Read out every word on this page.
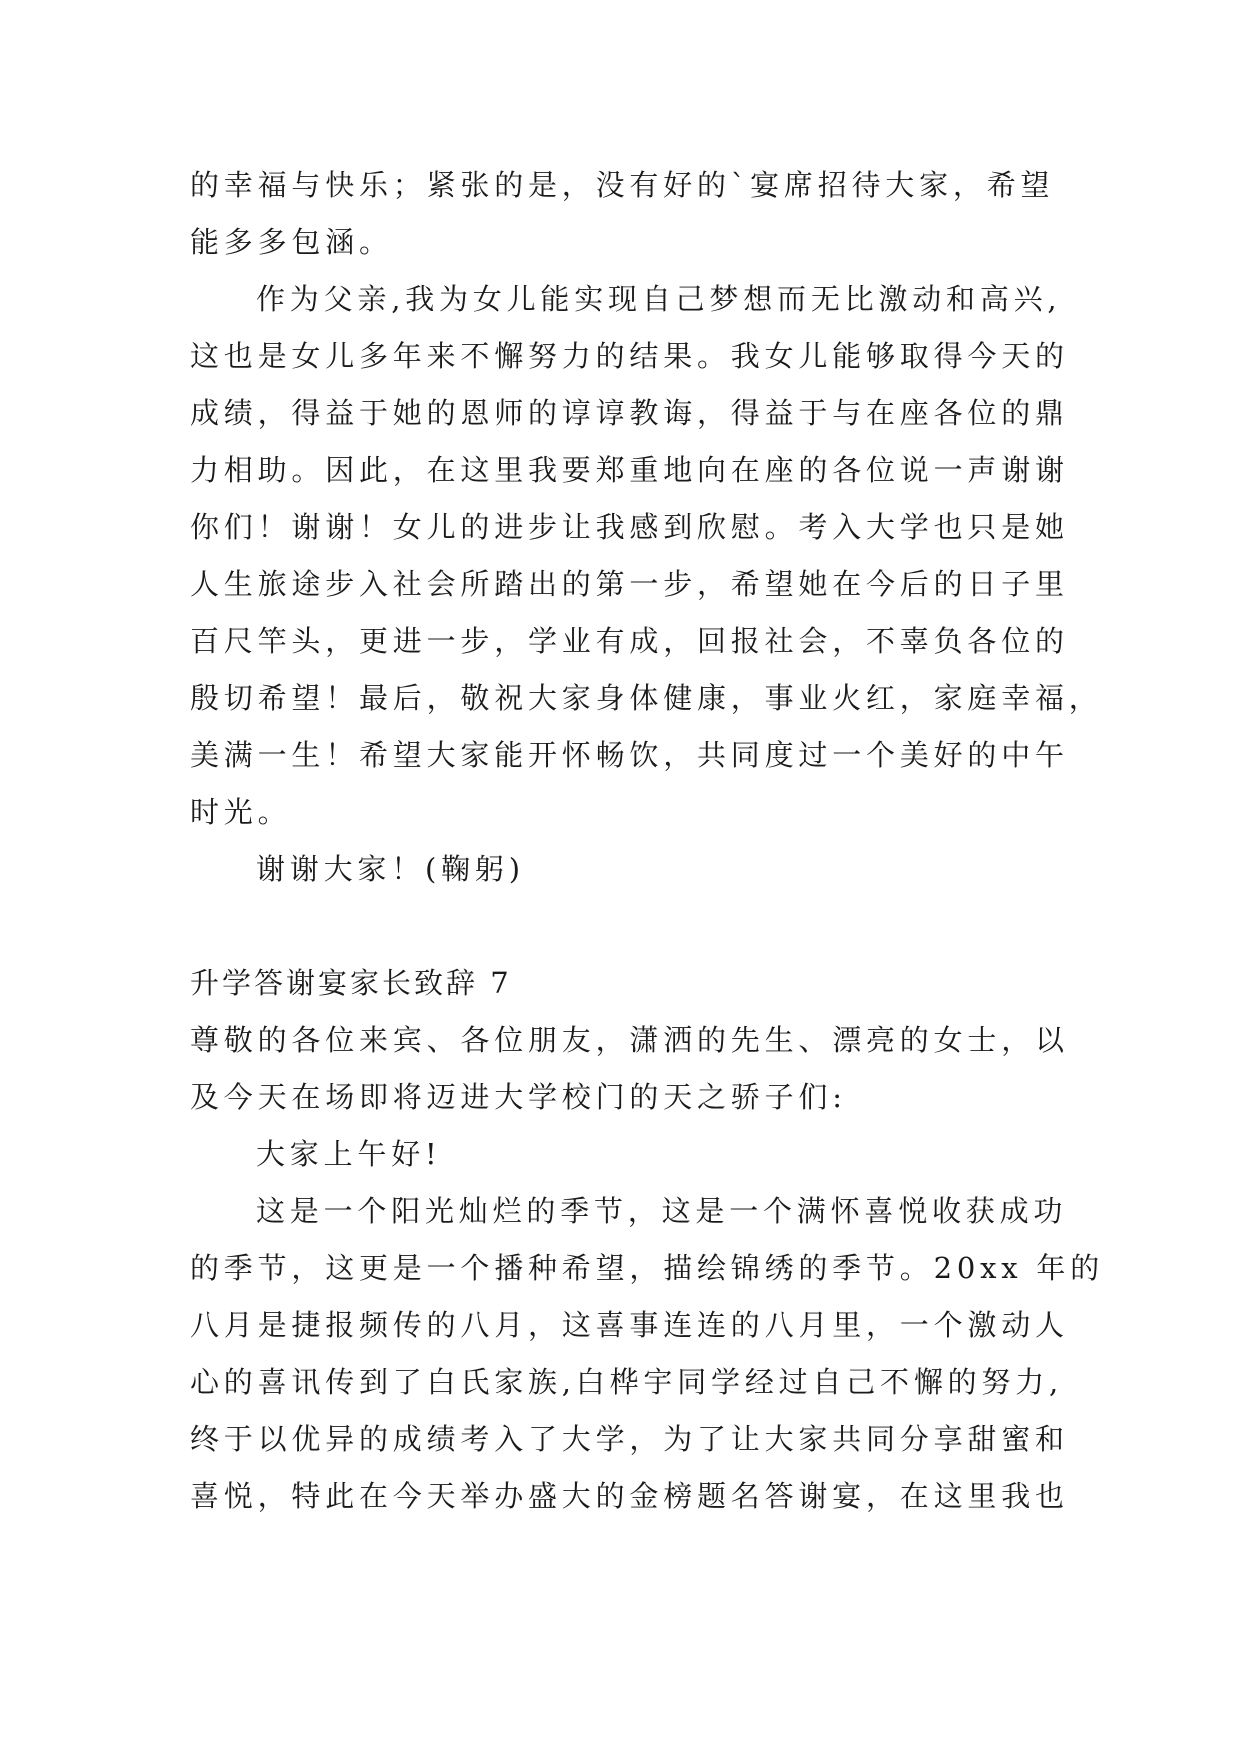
的幸福与快乐；紧张的是，没有好的`宴席招待大家，希望
能多多包涵。
作为父亲,我为女儿能实现自己梦想而无比激动和高兴,
这也是女儿多年来不懈努力的结果。我女儿能够取得今天的
成绩，得益于她的恩师的谆谆教诲，得益于与在座各位的鼎
力相助。因此，在这里我要郑重地向在座的各位说一声谢谢
你们！谢谢！女儿的进步让我感到欣慰。考入大学也只是她
人生旅途步入社会所踏出的第一步，希望她在今后的日子里
百尺竿头，更进一步，学业有成，回报社会，不辜负各位的
殷切希望！最后，敬祝大家身体健康，事业火红，家庭幸福，
美满一生！希望大家能开怀畅饮，共同度过一个美好的中午
时光。
谢谢大家！(鞠躬)
升学答谢宴家长致辞 7
尊敬的各位来宾、各位朋友，潇洒的先生、漂亮的女士，以
及今天在场即将迈进大学校门的天之骄子们:
大家上午好!
这是一个阳光灿烂的季节，这是一个满怀喜悦收获成功
的季节，这更是一个播种希望，描绘锦绣的季节。20xx 年的
八月是捷报频传的八月，这喜事连连的八月里，一个激动人
心的喜讯传到了白氏家族,白桦宇同学经过自己不懈的努力,
终于以优异的成绩考入了大学，为了让大家共同分享甜蜜和
喜悦，特此在今天举办盛大的金榜题名答谢宴，在这里我也
